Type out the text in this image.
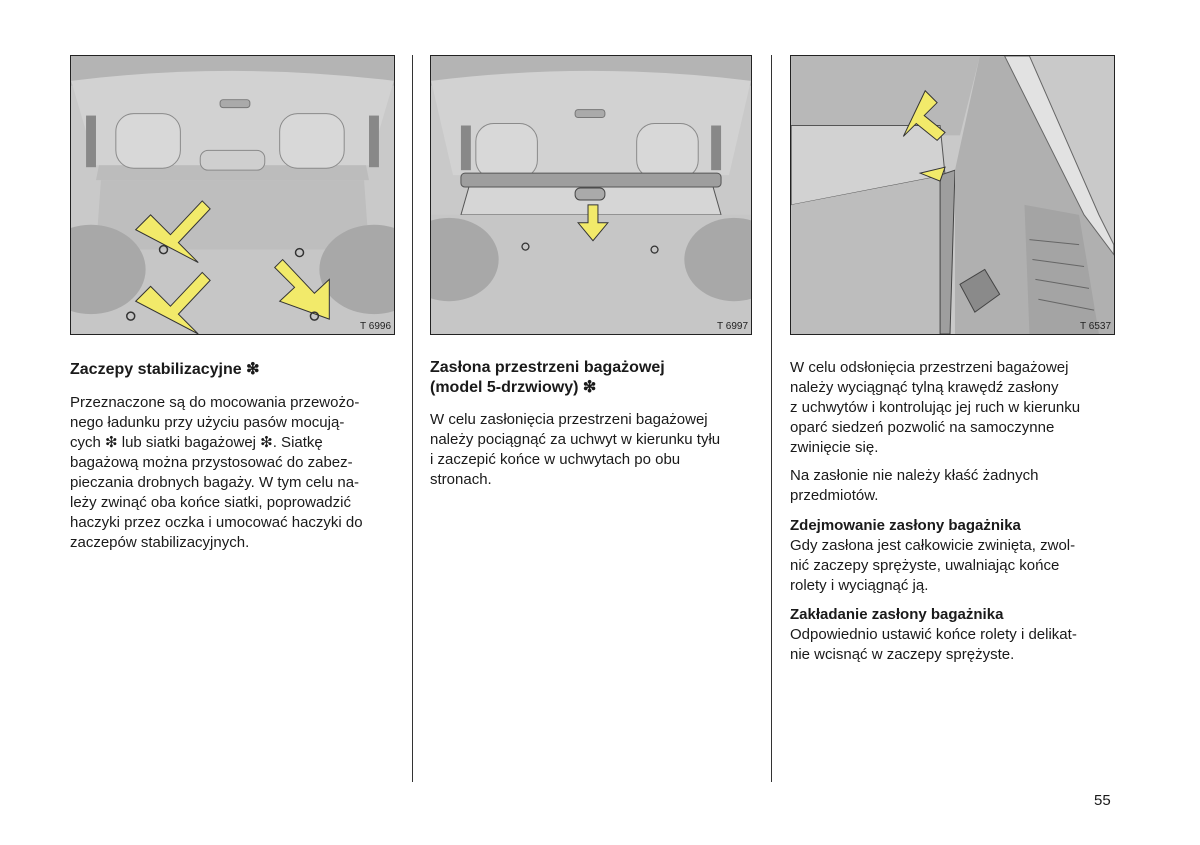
T 6996
Zaczepy stabilizacyjne ❇

Przeznaczone są do mocowania przewożo-

nego ładunku przy użyciu pasów mocują-

cych ❇ lub siatki bagażowej ❇. Siatkę

bagażową można przystosować do zabez-

pieczania drobnych bagaży. W tym celu na-

leży zwinąć oba końce siatki, poprowadzić

haczyki przez oczka i umocować haczyki do

zaczepów stabilizacyjnych.

T 6997
Zasłona przestrzeni bagażowej
(model 5-drzwiowy) ❇

W celu zasłonięcia przestrzeni bagażowej

należy pociągnąć za uchwyt w kierunku tyłu

i zaczepić końce w uchwytach po obu

stronach.

T 6537

W celu odsłonięcia przestrzeni bagażowej

należy wyciągnąć tylną krawędź zasłony

z uchwytów i kontrolując jej ruch w kierunku

oparć siedzeń pozwolić na samoczynne

zwinięcie się.

Na zasłonie nie należy kłaść żadnych

przedmiotów.

Zdejmowanie zasłony bagażnika

Gdy zasłona jest całkowicie zwinięta, zwol-

nić zaczepy sprężyste, uwalniając końce

rolety i wyciągnąć ją.

Zakładanie zasłony bagażnika

Odpowiednio ustawić końce rolety i delikat-

nie wcisnąć w zaczepy sprężyste.

55
